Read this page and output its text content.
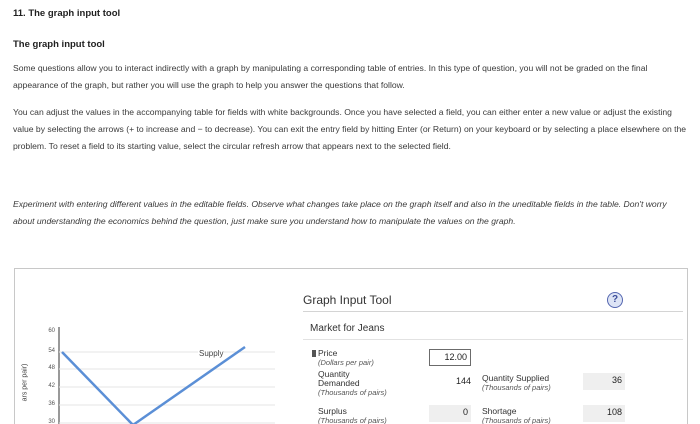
11. The graph input tool
The graph input tool

Some questions allow you to interact indirectly with a graph by manipulating a corresponding table of entries. In this type of question, you will not be graded on the final appearance of the graph, but rather you will use the graph to help you answer the questions that follow.

You can adjust the values in the accompanying table for fields with white backgrounds. Once you have selected a field, you can either enter a new value or adjust the existing value by selecting the arrows (+ to increase and − to decrease). You can exit the entry field by hitting Enter (or Return) on your keyboard or by selecting a place elsewhere on the problem. To reset a field to its starting value, select the circular refresh arrow that appears next to the selected field.

Experiment with entering different values in the editable fields. Observe what changes take place on the graph itself and also in the uneditable fields in the table. Don't worry about understanding the economics behind the question, just make sure you understand how to manipulate the values on the graph.

60
54
48
42
36
30
ars per pair)
Supply
Graph Input Tool	?
Market for Jeans
Price
(Dollars per pair)
12.00
Quantity
Demanded
(Thousands of pairs)
144 Quantity Supplied
(Thousands of pairs)
36
Surplus
(Thousands of pairs)
0	Shortage
(Thousands of pairs)
108
